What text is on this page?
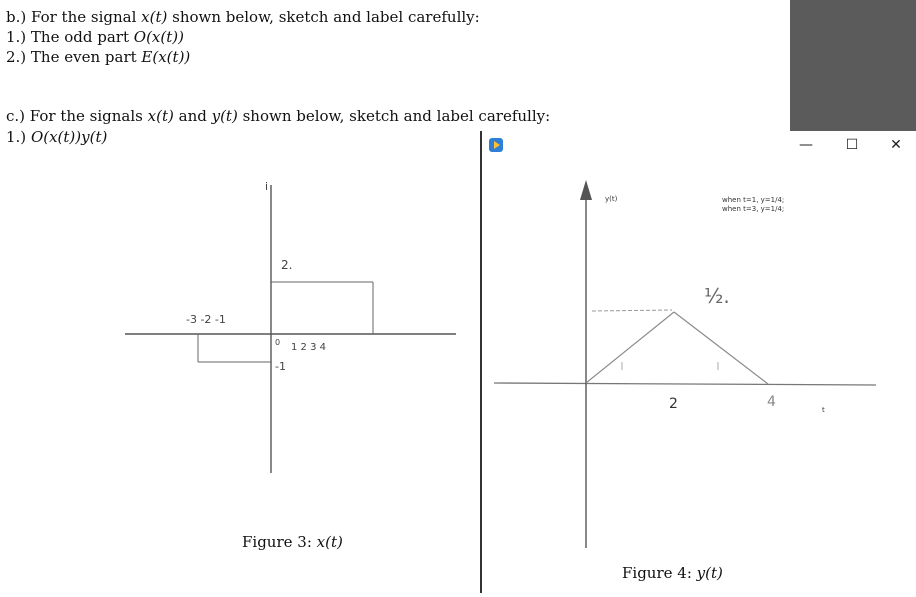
b.) For the signal x(t) shown below, sketch and label carefully:
1.) The odd part O(x(t))
2.) The even part E(x(t))
c.) For the signals x(t) and y(t) shown below, sketch and label carefully:
1.) O(x(t))y(t)
i
2.
-3 -2 -1
0 1 2 3 4
-1
Figure 3: x(t)
—	☐	✕
y(t)	when t=1, y=1/4;
when t=3, y=1/4;
½.
2	4	t
Figure 4: y(t)
